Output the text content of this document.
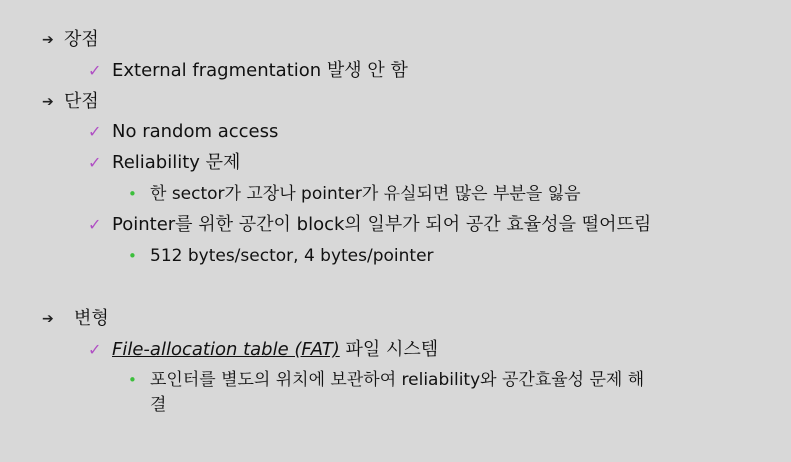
➔ 장점
✓ External fragmentation 발생 안 함
➔ 단점
✓ No random access
✓ Reliability 문제
• 한 sector가 고장나 pointer가 유실되면 많은 부분을 잃음
✓ Pointer를 위한 공간이 block의 일부가 되어 공간 효율성을 떨어뜨림
• 512 bytes/sector, 4 bytes/pointer
➔ 변형
✓ File-allocation table (FAT) 파일 시스템
• 포인터를 별도의 위치에 보관하여 reliability와 공간효율성 문제 해
결
